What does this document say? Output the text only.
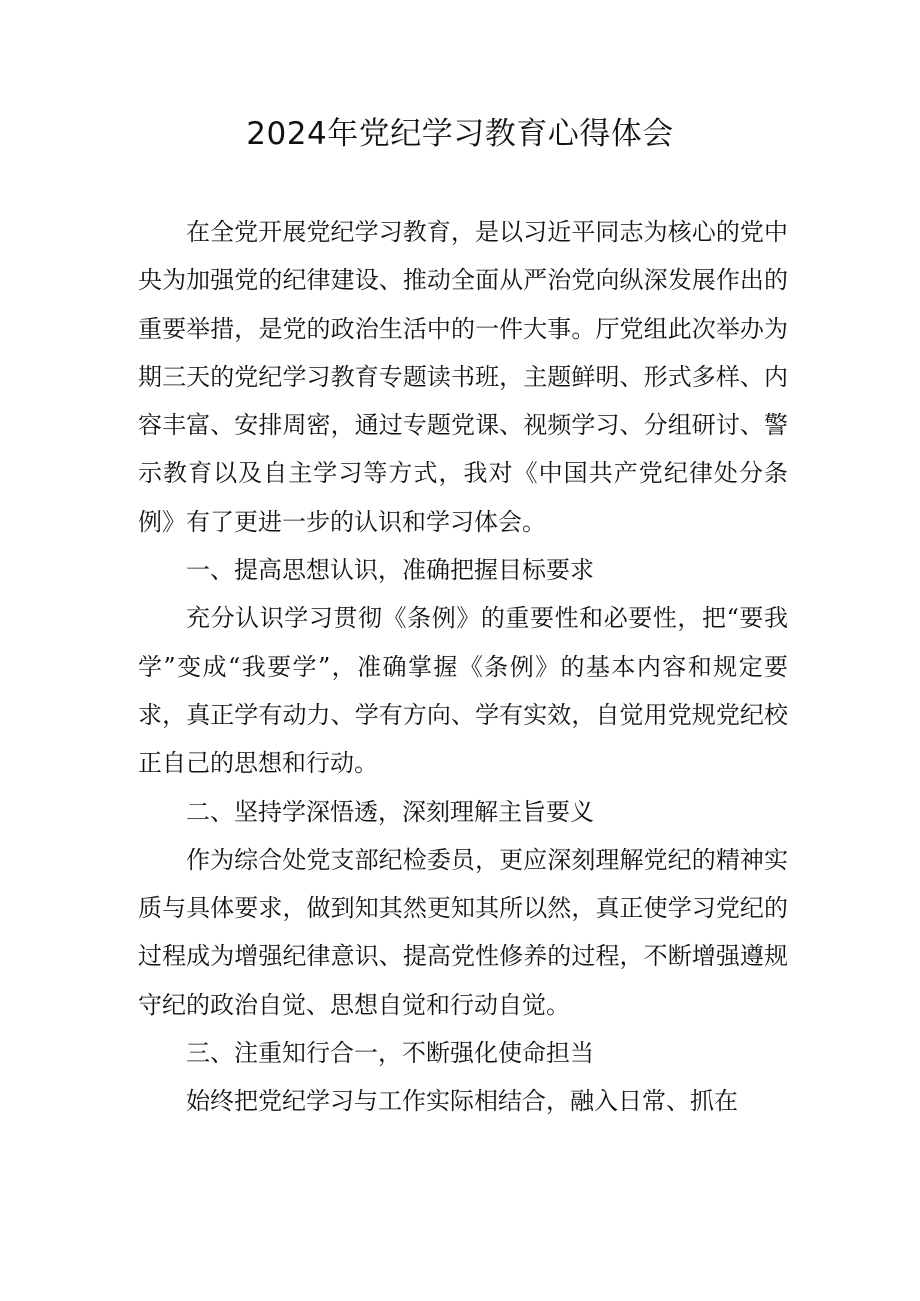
2024年党纪学习教育心得体会

在全党开展党纪学习教育，是以习近平同志为核心的党中央为加强党的纪律建设、推动全面从严治党向纵深发展作出的重要举措，是党的政治生活中的一件大事。厅党组此次举办为期三天的党纪学习教育专题读书班，主题鲜明、形式多样、内容丰富、安排周密，通过专题党课、视频学习、分组研讨、警示教育以及自主学习等方式，我对《中国共产党纪律处分条例》有了更进一步的认识和学习体会。

一、提高思想认识，准确把握目标要求

充分认识学习贯彻《条例》的重要性和必要性，把“要我学”变成“我要学”，准确掌握《条例》的基本内容和规定要求，真正学有动力、学有方向、学有实效，自觉用党规党纪校正自己的思想和行动。

二、坚持学深悟透，深刻理解主旨要义

作为综合处党支部纪检委员，更应深刻理解党纪的精神实质与具体要求，做到知其然更知其所以然，真正使学习党纪的过程成为增强纪律意识、提高党性修养的过程，不断增强遵规守纪的政治自觉、思想自觉和行动自觉。

三、注重知行合一，不断强化使命担当

始终把党纪学习与工作实际相结合，融入日常、抓在
